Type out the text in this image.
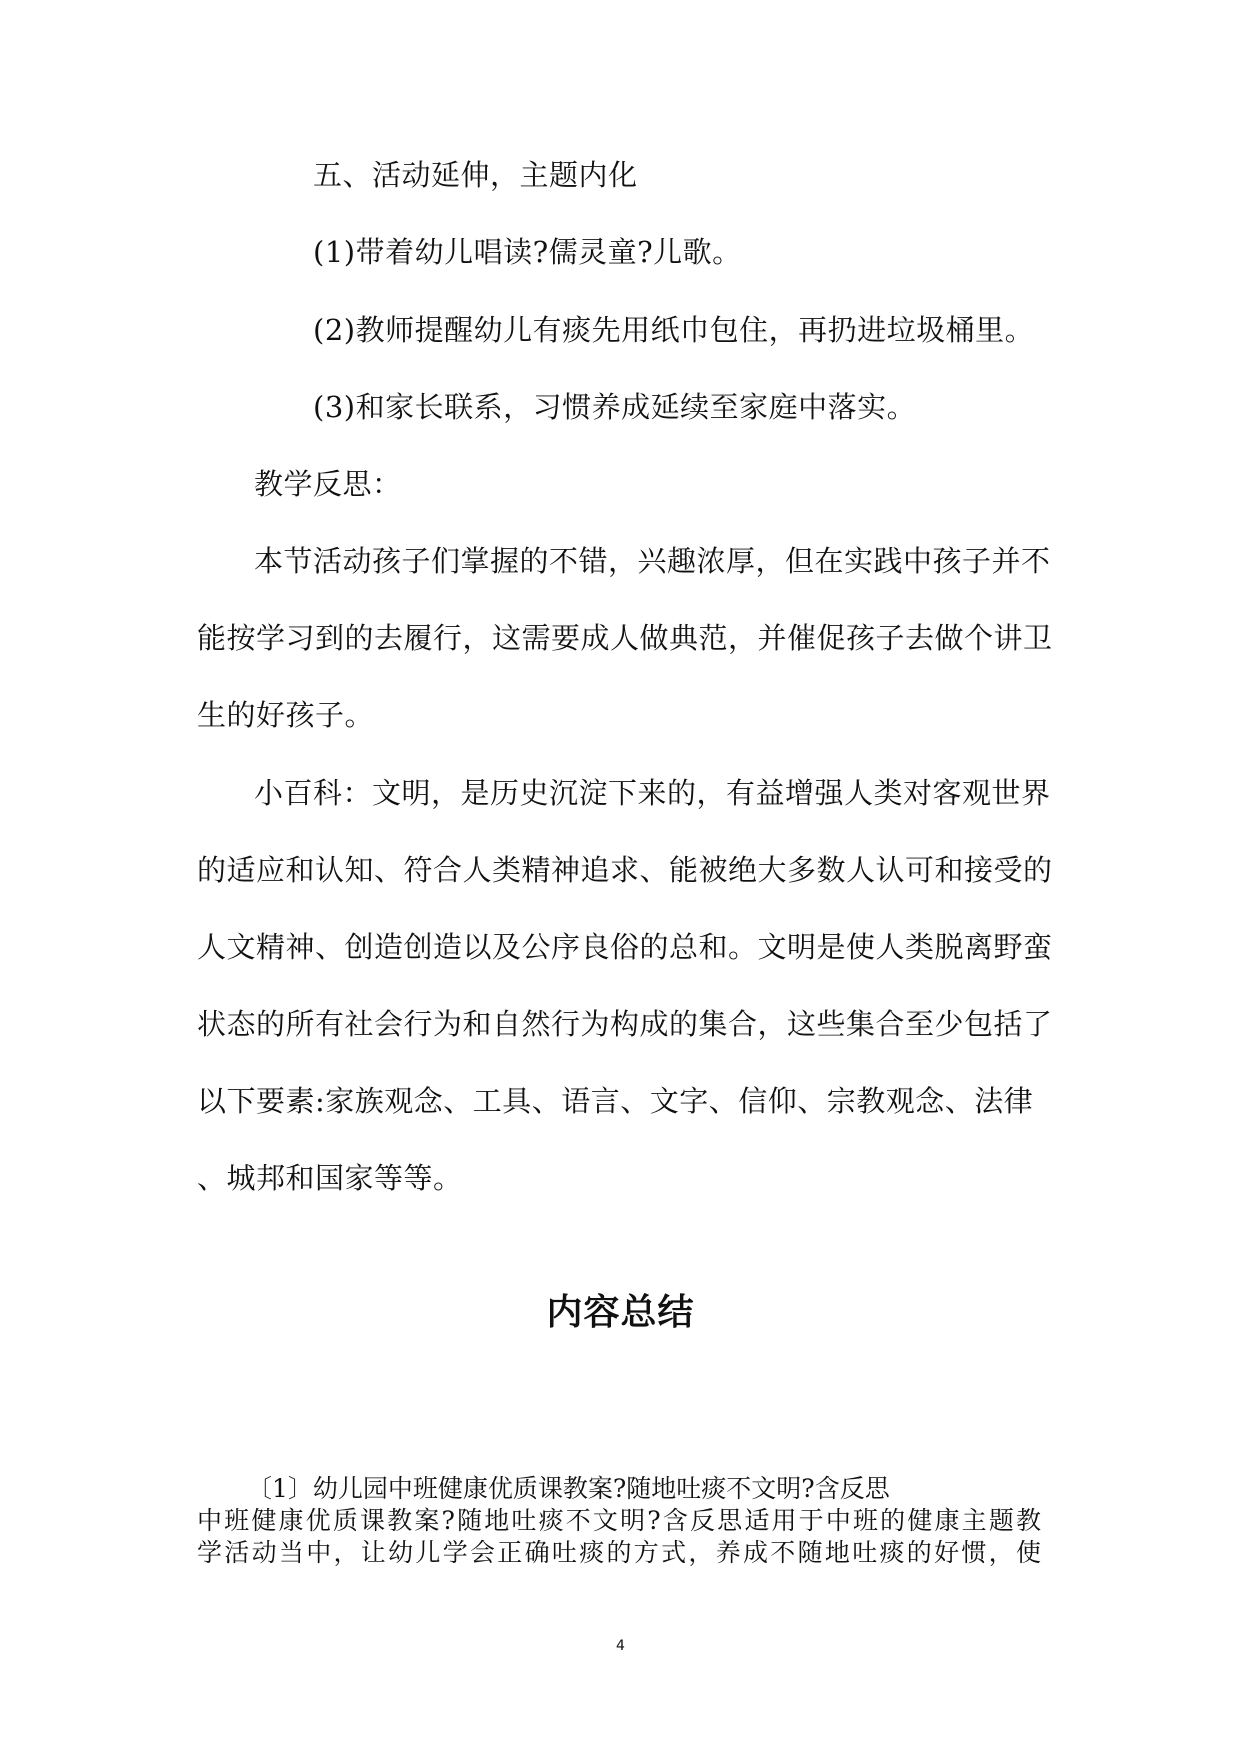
五、活动延伸，主题内化
(1)带着幼儿唱读?儒灵童?儿歌。
(2)教师提醒幼儿有痰先用纸巾包住，再扔进垃圾桶里。
(3)和家长联系，习惯养成延续至家庭中落实。
教学反思：
本节活动孩子们掌握的不错，兴趣浓厚，但在实践中孩子并不
能按学习到的去履行，这需要成人做典范，并催促孩子去做个讲卫
生的好孩子。
小百科：文明，是历史沉淀下来的，有益增强人类对客观世界
的适应和认知、符合人类精神追求、能被绝大多数人认可和接受的
人文精神、创造创造以及公序良俗的总和。文明是使人类脱离野蛮
状态的所有社会行为和自然行为构成的集合，这些集合至少包括了
以下要素:家族观念、工具、语言、文字、信仰、宗教观念、法律
、城邦和国家等等。
内容总结
〔1〕幼儿园中班健康优质课教案?随地吐痰不文明?含反思
中班健康优质课教案?随地吐痰不文明?含反思适用于中班的健康主题教
学活动当中，让幼儿学会正确吐痰的方式，养成不随地吐痰的好惯，使
4
